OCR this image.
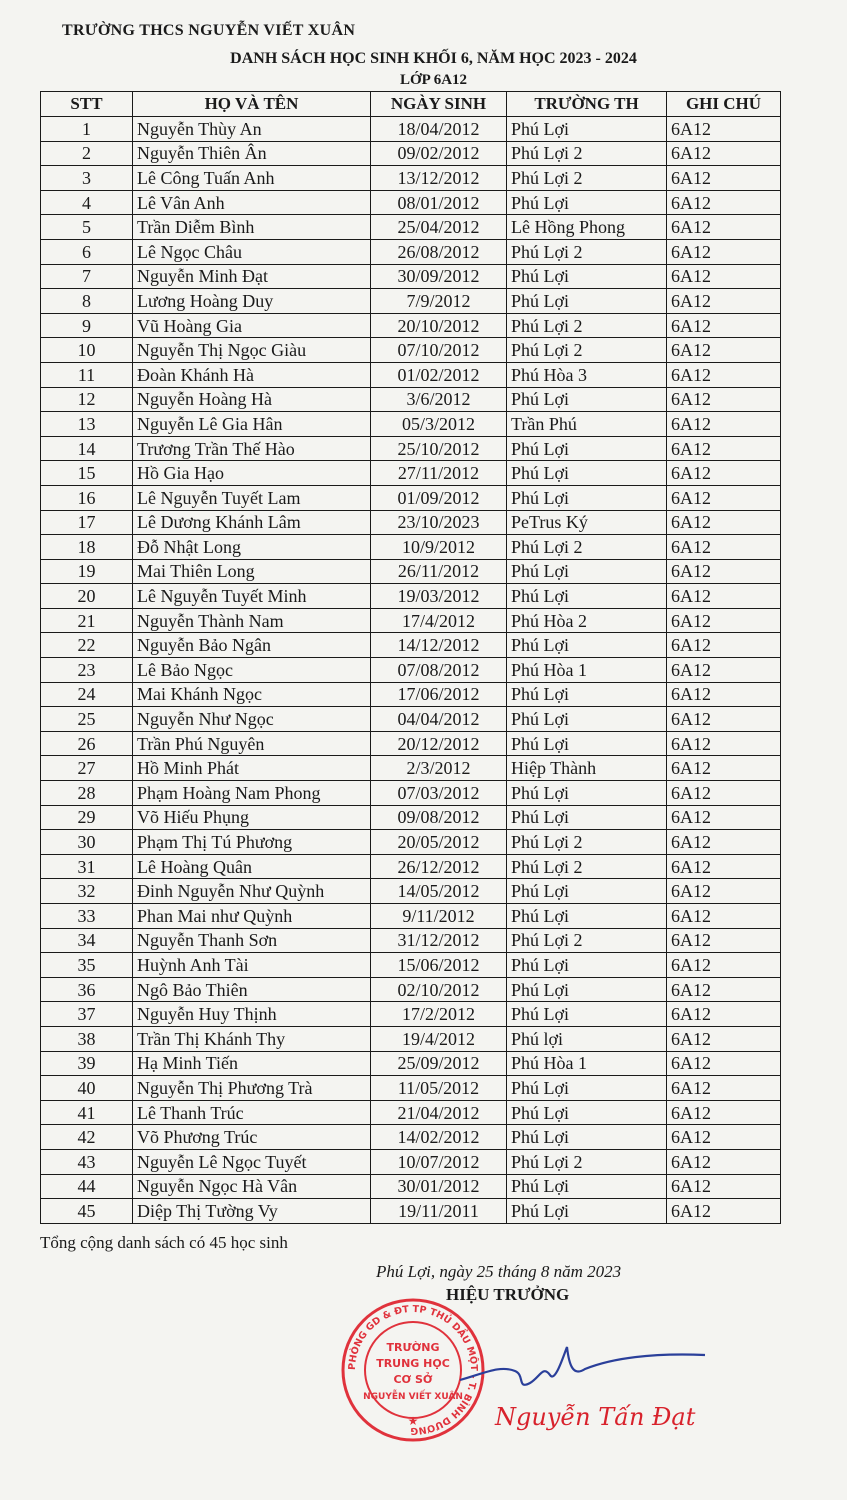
TRƯỜNG THCS NGUYỄN VIẾT XUÂN
DANH SÁCH HỌC SINH KHỐI 6, NĂM HỌC 2023 - 2024
LỚP 6A12
STT	HỌ VÀ TÊN	NGÀY SINH	TRƯỜNG TH	GHI CHÚ
1	Nguyễn Thùy An	18/04/2012	Phú Lợi	6A12
2	Nguyễn Thiên Ân	09/02/2012	Phú Lợi 2	6A12
3	Lê Công Tuấn Anh	13/12/2012	Phú Lợi 2	6A12
4	Lê Vân Anh	08/01/2012	Phú Lợi	6A12
5	Trần Diễm Bình	25/04/2012	Lê Hồng Phong	6A12
6	Lê Ngọc Châu	26/08/2012	Phú Lợi 2	6A12
7	Nguyễn Minh Đạt	30/09/2012	Phú Lợi	6A12
8	Lương Hoàng Duy	7/9/2012	Phú Lợi	6A12
9	Vũ Hoàng Gia	20/10/2012	Phú Lợi 2	6A12
10	Nguyễn Thị Ngọc Giàu	07/10/2012	Phú Lợi 2	6A12
11	Đoàn Khánh Hà	01/02/2012	Phú Hòa 3	6A12
12	Nguyễn Hoàng Hà	3/6/2012	Phú Lợi	6A12
13	Nguyễn Lê Gia Hân	05/3/2012	Trần Phú	6A12
14	Trương Trần Thế Hào	25/10/2012	Phú Lợi	6A12
15	Hồ Gia Hạo	27/11/2012	Phú Lợi	6A12
16	Lê Nguyễn Tuyết Lam	01/09/2012	Phú Lợi	6A12
17	Lê Dương Khánh Lâm	23/10/2023	PeTrus Ký	6A12
18	Đỗ Nhật Long	10/9/2012	Phú Lợi 2	6A12
19	Mai Thiên Long	26/11/2012	Phú Lợi	6A12
20	Lê Nguyễn Tuyết Minh	19/03/2012	Phú Lợi	6A12
21	Nguyễn Thành Nam	17/4/2012	Phú Hòa 2	6A12
22	Nguyễn Bảo Ngân	14/12/2012	Phú Lợi	6A12
23	Lê Bảo Ngọc	07/08/2012	Phú Hòa 1	6A12
24	Mai Khánh Ngọc	17/06/2012	Phú Lợi	6A12
25	Nguyễn Như Ngọc	04/04/2012	Phú Lợi	6A12
26	Trần Phú Nguyên	20/12/2012	Phú Lợi	6A12
27	Hồ Minh Phát	2/3/2012	Hiệp Thành	6A12
28	Phạm Hoàng Nam Phong	07/03/2012	Phú Lợi	6A12
29	Võ Hiếu Phụng	09/08/2012	Phú Lợi	6A12
30	Phạm Thị Tú Phương	20/05/2012	Phú Lợi 2	6A12
31	Lê Hoàng Quân	26/12/2012	Phú Lợi 2	6A12
32	Đinh Nguyễn Như Quỳnh	14/05/2012	Phú Lợi	6A12
33	Phan Mai như Quỳnh	9/11/2012	Phú Lợi	6A12
34	Nguyễn Thanh Sơn	31/12/2012	Phú Lợi 2	6A12
35	Huỳnh Anh Tài	15/06/2012	Phú Lợi	6A12
36	Ngô Bảo Thiên	02/10/2012	Phú Lợi	6A12
37	Nguyễn Huy Thịnh	17/2/2012	Phú Lợi	6A12
38	Trần Thị Khánh Thy	19/4/2012	Phú lợi	6A12
39	Hạ Minh Tiến	25/09/2012	Phú Hòa 1	6A12
40	Nguyễn Thị Phương Trà	11/05/2012	Phú Lợi	6A12
41	Lê Thanh Trúc	21/04/2012	Phú Lợi	6A12
42	Võ Phương Trúc	14/02/2012	Phú Lợi	6A12
43	Nguyễn Lê Ngọc Tuyết	10/07/2012	Phú Lợi 2	6A12
44	Nguyễn Ngọc Hà Vân	30/01/2012	Phú Lợi	6A12
45	Diệp Thị Tường Vy	19/11/2011	Phú Lợi	6A12
Tổng cộng danh sách có 45 học sinh
Phú Lợi, ngày 25 tháng 8 năm 2023
HIỆU TRƯỞNG
PHÒNG GD & ĐT TP THỦ DẦU MỘT - T. BÌNH DƯƠNG
TRƯỜNG
TRUNG HỌC
CƠ SỞ
NGUYỄN VIẾT XUÂN
★	Nguyễn Tấn Đạt
